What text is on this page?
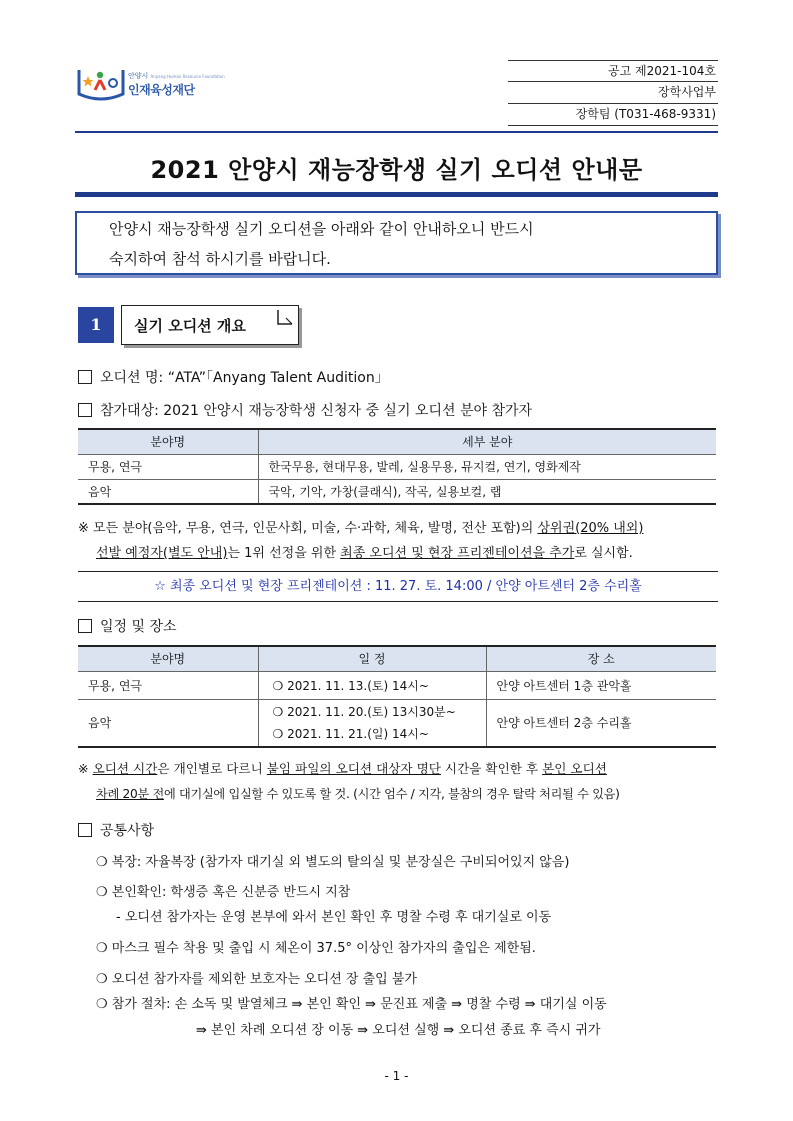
안양시 Anyang Human Resource Foundation
인재육성재단
공고 제2021-104호
장학사업부
장학팀 (T031-468-9331)
2021 안양시 재능장학생 실기 오디션 안내문
안양시 재능장학생 실기 오디션을 아래와 같이 안내하오니 반드시
숙지하여 참석 하시기를 바랍니다.
1	실기 오디션 개요
오디션 명: “ATA”「Anyang Talent Audition」
참가대상: 2021 안양시 재능장학생 신청자 중 실기 오디션 분야 참가자
분야명	세부 분야
무용, 연극	한국무용, 현대무용, 발레, 실용무용, 뮤지컬, 연기, 영화제작
음악	국악, 기악, 가창(클래식), 작곡, 실용보컬, 랩
※ 모든 분야(음악, 무용, 연극, 인문사회, 미술, 수·과학, 체육, 발명, 전산 포함)의 상위권(20% 내외)
선발 예정자(별도 안내)는 1위 선정을 위한 최종 오디션 및 현장 프리젠테이션을 추가로 실시함.
☆ 최종 오디션 및 현장 프리젠테이션 : 11. 27. 토. 14:00 / 안양 아트센터 2층 수리홀
일정 및 장소
분야명	일 정	장 소
무용, 연극	❍ 2021. 11. 13.(토) 14시~	안양 아트센터 1층 관악홀
음악	❍ 2021. 11. 20.(토) 13시30분~
❍ 2021. 11. 21.(일) 14시~	안양 아트센터 2층 수리홀
※ 오디션 시간은 개인별로 다르니 붙임 파일의 오디션 대상자 명단 시간을 확인한 후 본인 오디션
차례 20분 전에 대기실에 입실할 수 있도록 할 것. (시간 엄수 / 지각, 불참의 경우 탈락 처리될 수 있음)
공통사항
❍ 복장: 자율복장 (참가자 대기실 외 별도의 탈의실 및 분장실은 구비되어있지 않음)
❍ 본인확인: 학생증 혹은 신분증 반드시 지참
- 오디션 참가자는 운영 본부에 와서 본인 확인 후 명찰 수령 후 대기실로 이동
❍ 마스크 필수 착용 및 출입 시 체온이 37.5° 이상인 참가자의 출입은 제한됨.
❍ 오디션 참가자를 제외한 보호자는 오디션 장 출입 불가
❍ 참가 절차: 손 소독 및 발열체크 ⇛ 본인 확인 ⇛ 문진표 제출 ⇛ 명찰 수령 ⇛ 대기실 이동
⇛ 본인 차례 오디션 장 이동 ⇛ 오디션 실행 ⇛ 오디션 종료 후 즉시 귀가
- 1 -
